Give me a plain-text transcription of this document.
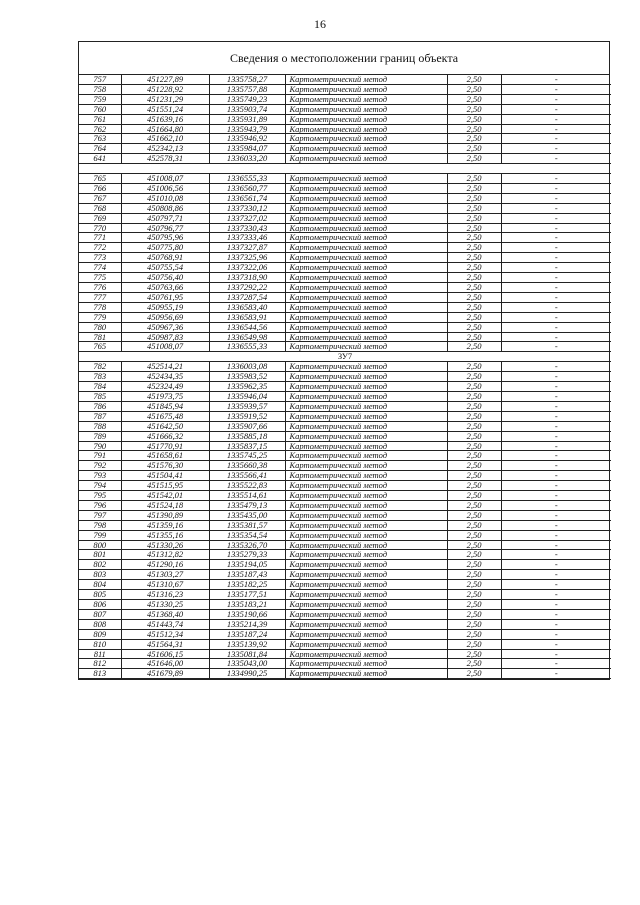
16
Сведения о местоположении границ объекта
757	451227,89	1335758,27	Картометрический метод	2,50	-
758	451228,92	1335757,88	Картометрический метод	2,50	-
759	451231,29	1335749,23	Картометрический метод	2,50	-
760	451551,24	1335903,74	Картометрический метод	2,50	-
761	451639,16	1335931,89	Картометрический метод	2,50	-
762	451664,80	1335943,79	Картометрический метод	2,50	-
763	451662,10	1335946,92	Картометрический метод	2,50	-
764	452342,13	1335984,07	Картометрический метод	2,50	-
641	452578,31	1336033,20	Картометрический метод	2,50	-

765	451008,07	1336555,33	Картометрический метод	2,50	-
766	451006,56	1336560,77	Картометрический метод	2,50	-
767	451010,08	1336561,74	Картометрический метод	2,50	-
768	450808,86	1337330,12	Картометрический метод	2,50	-
769	450797,71	1337327,02	Картометрический метод	2,50	-
770	450796,77	1337330,43	Картометрический метод	2,50	-
771	450795,96	1337333,46	Картометрический метод	2,50	-
772	450775,80	1337327,87	Картометрический метод	2,50	-
773	450768,91	1337325,96	Картометрический метод	2,50	-
774	450755,54	1337322,06	Картометрический метод	2,50	-
775	450756,40	1337318,90	Картометрический метод	2,50	-
776	450763,66	1337292,22	Картометрический метод	2,50	-
777	450761,95	1337287,54	Картометрический метод	2,50	-
778	450955,19	1336583,40	Картометрический метод	2,50	-
779	450956,69	1336583,91	Картометрический метод	2,50	-
780	450967,36	1336544,56	Картометрический метод	2,50	-
781	450987,83	1336549,98	Картометрический метод	2,50	-
765	451008,07	1336555,33	Картометрический метод	2,50	-
ЗУ7					
782	452514,21	1336003,08	Картометрический метод	2,50	-
783	452434,35	1335983,52	Картометрический метод	2,50	-
784	452324,49	1335962,35	Картометрический метод	2,50	-
785	451973,75	1335946,04	Картометрический метод	2,50	-
786	451845,94	1335939,57	Картометрический метод	2,50	-
787	451675,48	1335919,52	Картометрический метод	2,50	-
788	451642,50	1335907,66	Картометрический метод	2,50	-
789	451666,32	1335885,18	Картометрический метод	2,50	-
790	451770,91	1335837,15	Картометрический метод	2,50	-
791	451658,61	1335745,25	Картометрический метод	2,50	-
792	451576,30	1335660,38	Картометрический метод	2,50	-
793	451504,41	1335566,41	Картометрический метод	2,50	-
794	451515,95	1335522,83	Картометрический метод	2,50	-
795	451542,01	1335514,61	Картометрический метод	2,50	-
796	451524,18	1335479,13	Картометрический метод	2,50	-
797	451390,89	1335435,00	Картометрический метод	2,50	-
798	451359,16	1335381,57	Картометрический метод	2,50	-
799	451355,16	1335354,54	Картометрический метод	2,50	-
800	451330,26	1335326,70	Картометрический метод	2,50	-
801	451312,82	1335279,33	Картометрический метод	2,50	-
802	451290,16	1335194,05	Картометрический метод	2,50	-
803	451303,27	1335187,43	Картометрический метод	2,50	-
804	451310,67	1335182,25	Картометрический метод	2,50	-
805	451316,23	1335177,51	Картометрический метод	2,50	-
806	451330,25	1335183,21	Картометрический метод	2,50	-
807	451368,40	1335190,66	Картометрический метод	2,50	-
808	451443,74	1335214,39	Картометрический метод	2,50	-
809	451512,34	1335187,24	Картометрический метод	2,50	-
810	451564,31	1335139,92	Картометрический метод	2,50	-
811	451606,15	1335081,84	Картометрический метод	2,50	-
812	451646,00	1335043,00	Картометрический метод	2,50	-
813	451679,89	1334990,25	Картометрический метод	2,50	-
